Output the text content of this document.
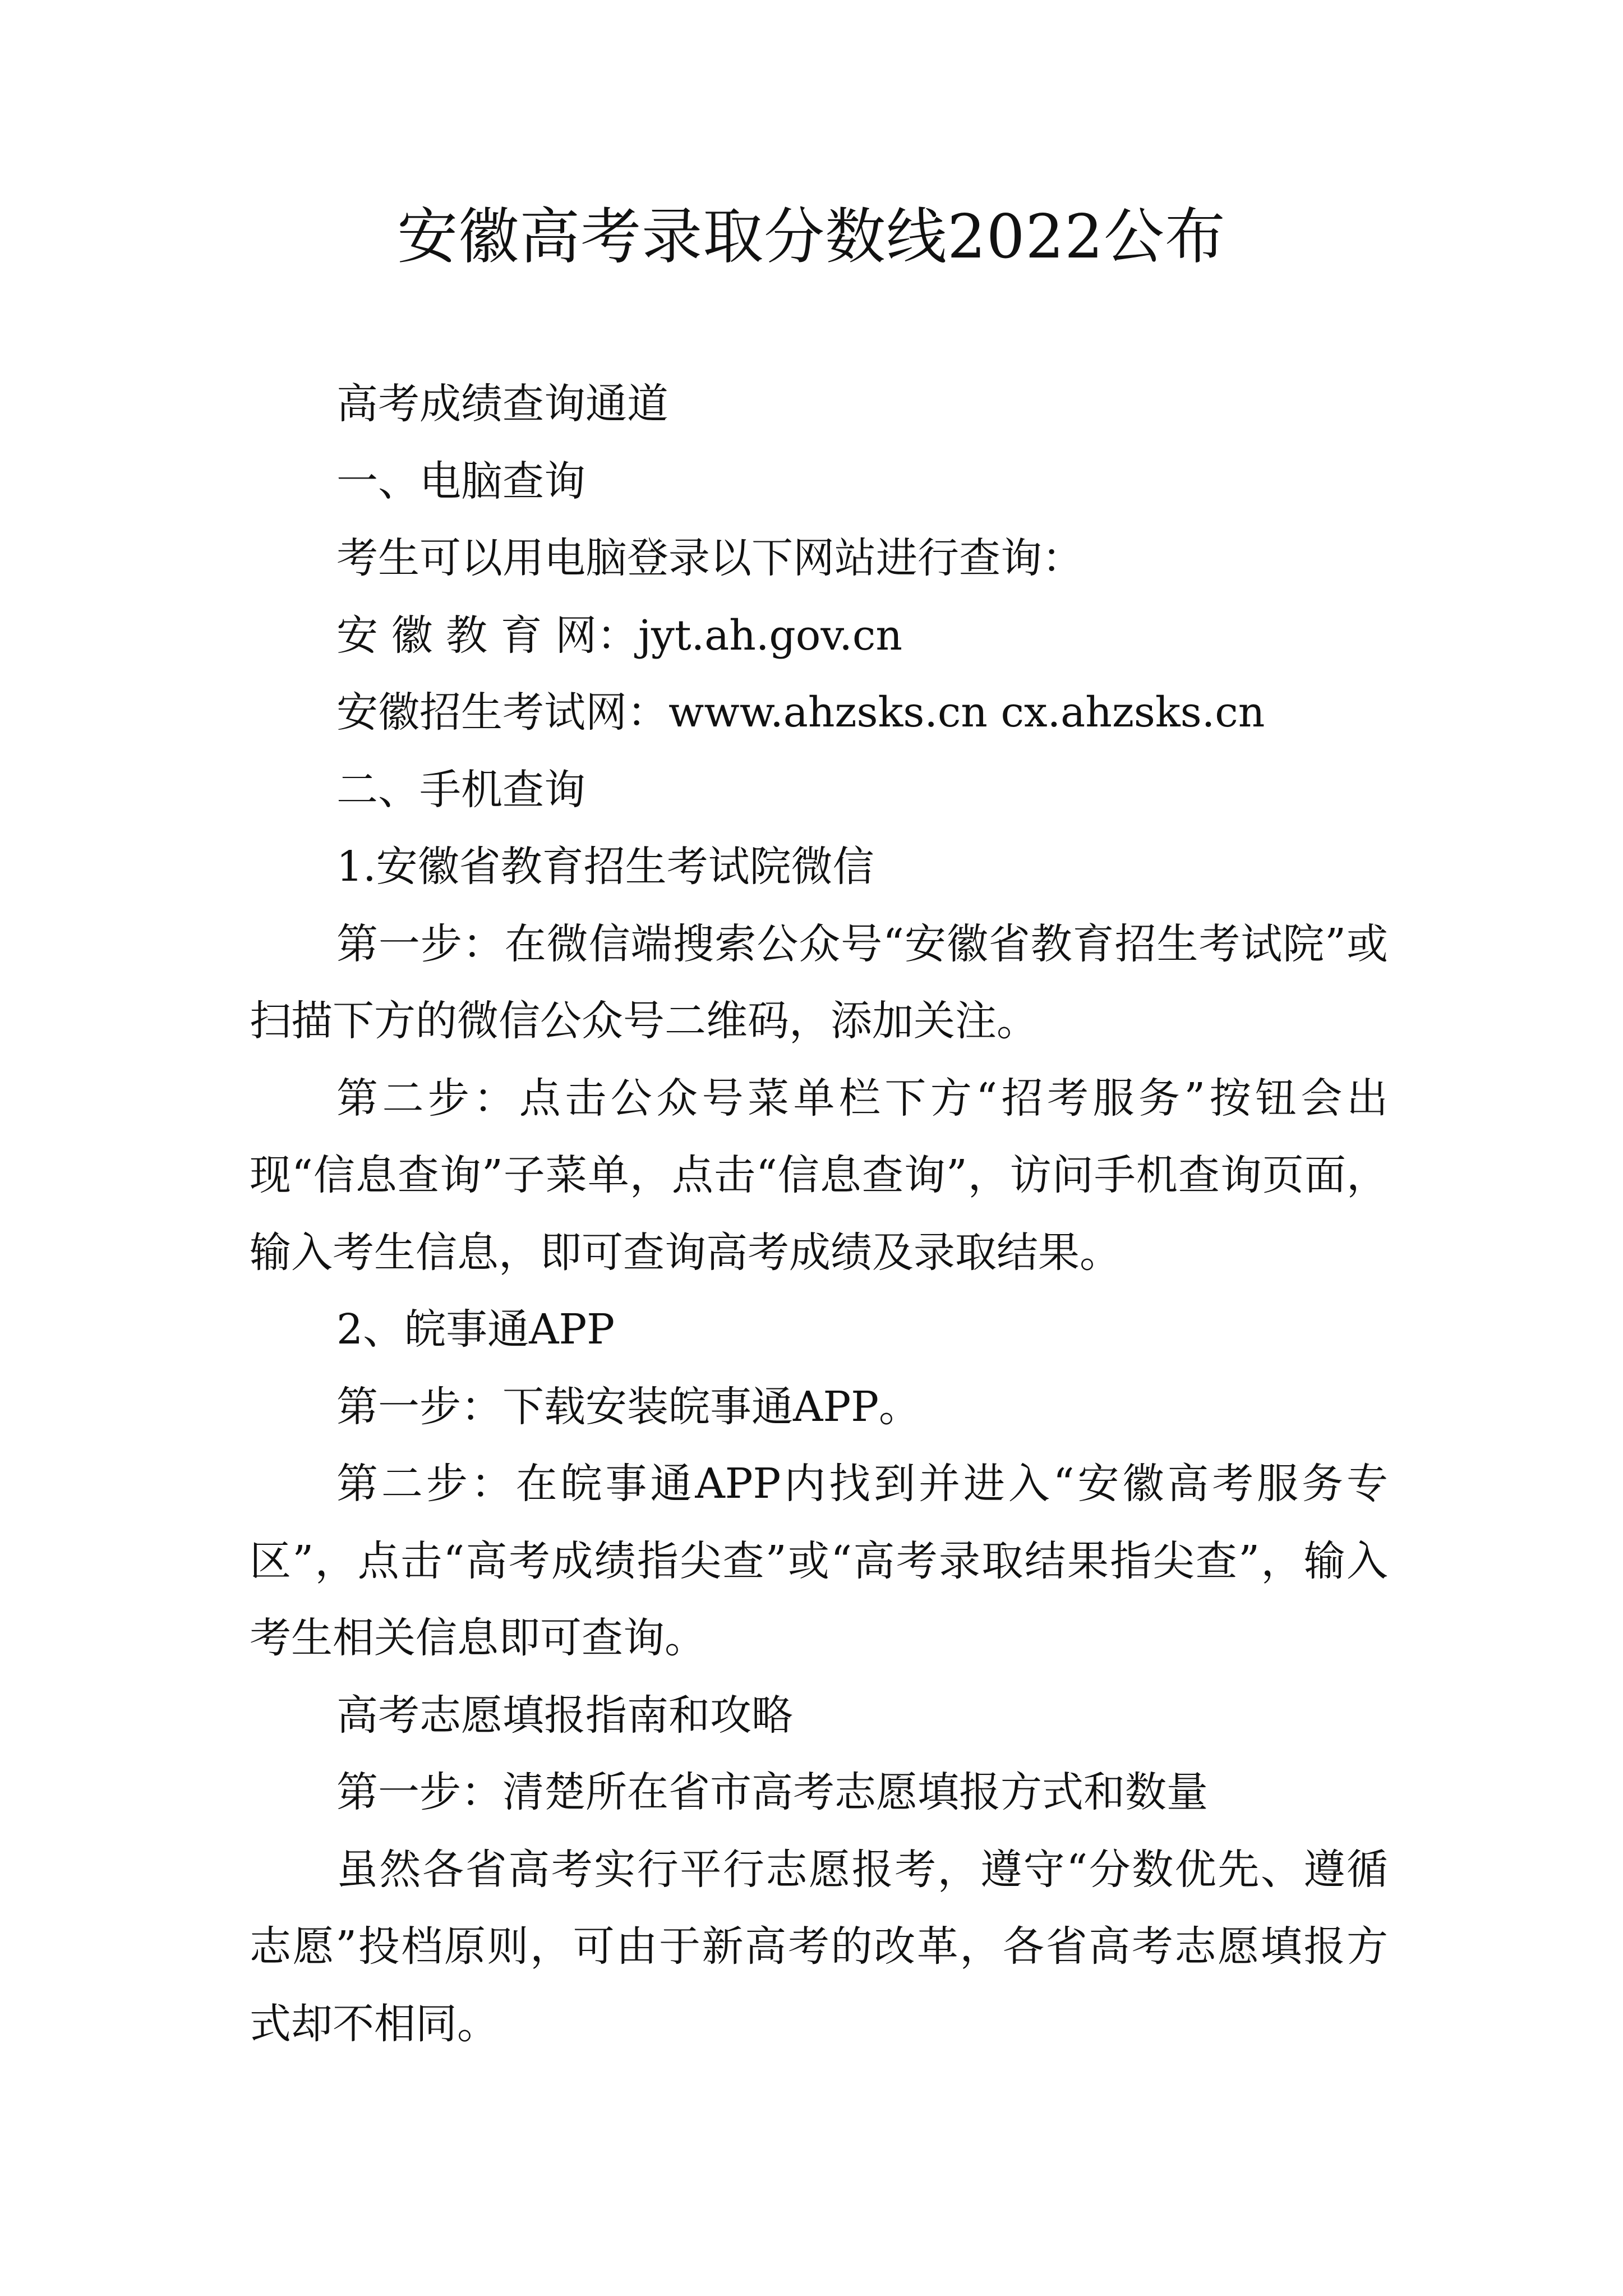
安徽高考录取分数线2022公布

高考成绩查询通道

一、电脑查询

考生可以用电脑登录以下网站进行查询：

安 徽 教 育 网：jyt.ah.gov.cn

安徽招生考试网：www.ahzsks.cn cx.ahzsks.cn

二、手机查询

1.安徽省教育招生考试院微信

第一步：在微信端搜索公众号“安徽省教育招生考试院”或扫描下方的微信公众号二维码，添加关注。

第二步：点击公众号菜单栏下方“招考服务”按钮会出现“信息查询”子菜单，点击“信息查询”，访问手机查询页面，输入考生信息，即可查询高考成绩及录取结果。

2、皖事通APP

第一步：下载安装皖事通APP。

第二步：在皖事通APP内找到并进入“安徽高考服务专区”，点击“高考成绩指尖查”或“高考录取结果指尖查”，输入考生相关信息即可查询。

高考志愿填报指南和攻略

第一步：清楚所在省市高考志愿填报方式和数量

虽然各省高考实行平行志愿报考，遵守“分数优先、遵循志愿”投档原则，可由于新高考的改革，各省高考志愿填报方式却不相同。
